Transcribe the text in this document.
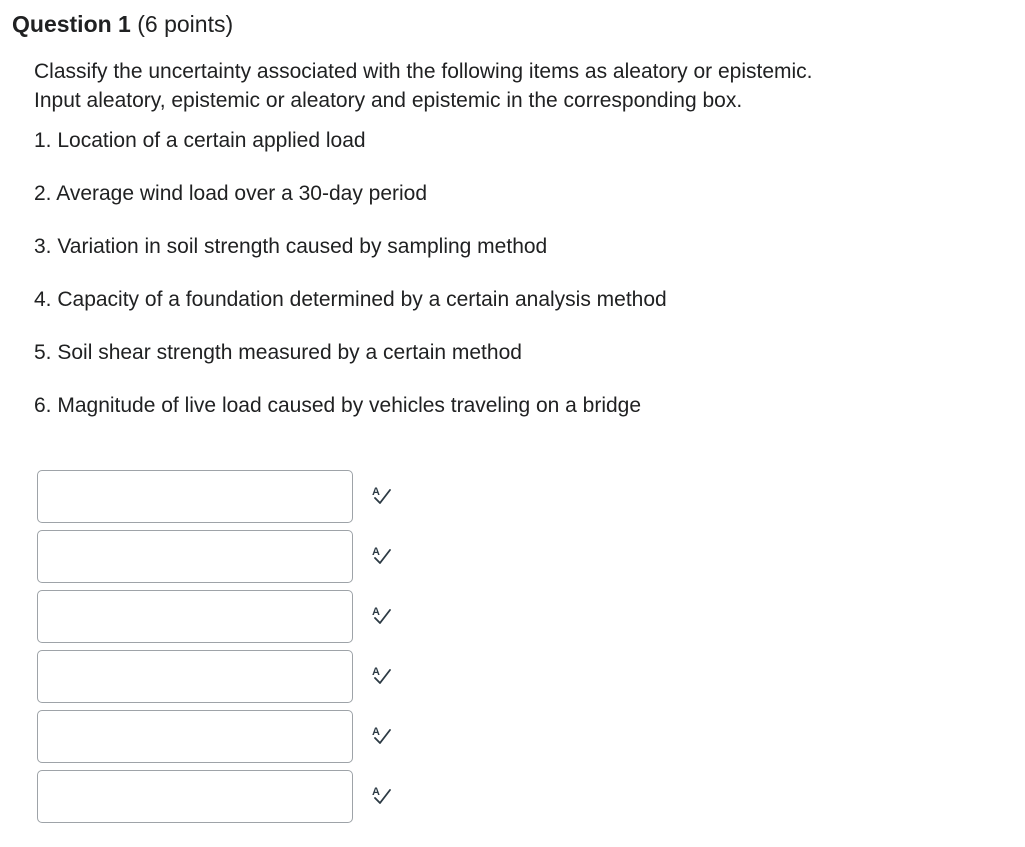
Question 1 (6 points)
Classify the uncertainty associated with the following items as aleatory or epistemic.
Input aleatory, epistemic or aleatory and epistemic in the corresponding box.
1. Location of a certain applied load
2. Average wind load over a 30-day period
3. Variation in soil strength caused by sampling method
4. Capacity of a foundation determined by a certain analysis method
5. Soil shear strength measured by a certain method
6. Magnitude of live load caused by vehicles traveling on a bridge
A
A
A
A
A
A
